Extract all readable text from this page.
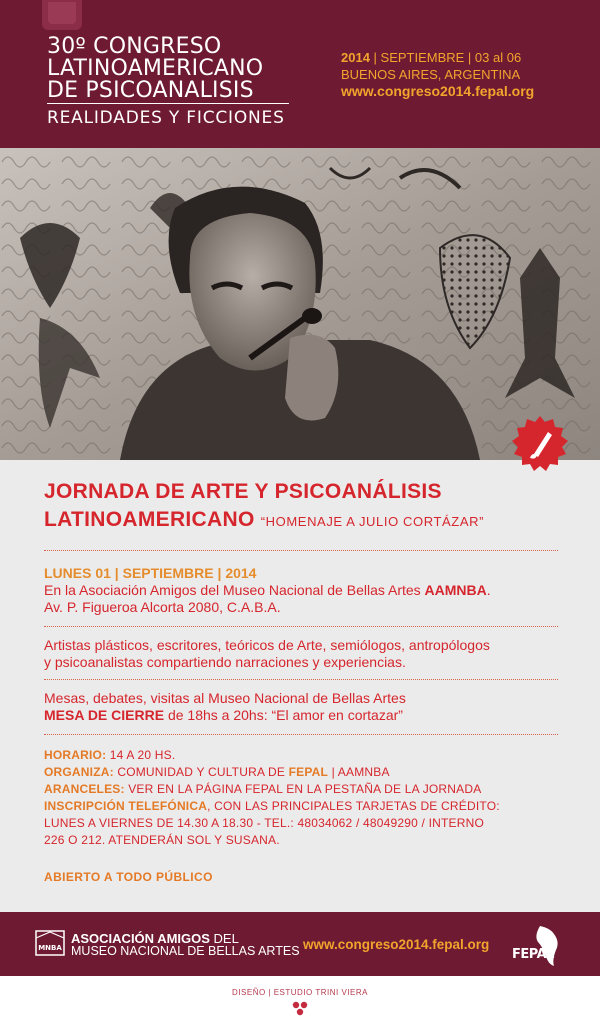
30º CONGRESO
LATINOAMERICANO
DE PSICOANALISIS
REALIDADES Y FICCIONES
2014 | SEPTIEMBRE | 03 al 06
BUENOS AIRES, ARGENTINA
www.congreso2014.fepal.org
JORNADA DE ARTE Y PSICOANÁLISIS
LATINOAMERICANO “HOMENAJE A JULIO CORTÁZAR”
LUNES 01 | SEPTIEMBRE | 2014
En la Asociación Amigos del Museo Nacional de Bellas Artes AAMNBA.
Av. P. Figueroa Alcorta 2080, C.A.B.A.
Artistas plásticos, escritores, teóricos de Arte, semiólogos, antropólogos
y psicoanalistas compartiendo narraciones y experiencias.
Mesas, debates, visitas al Museo Nacional de Bellas Artes
MESA DE CIERRE de 18hs a 20hs: “El amor en cortazar”
HORARIO: 14 A 20 HS.
ORGANIZA: COMUNIDAD Y CULTURA DE FEPAL | AAMNBA
ARANCELES: VER EN LA PÁGINA FEPAL EN LA PESTAÑA DE LA JORNADA
INSCRIPCIÓN TELEFÓNICA, CON LAS PRINCIPALES TARJETAS DE CRÉDITO:
LUNES A VIERNES DE 14.30 A 18.30 - TEL.: 48034062 / 48049290 / INTERNO
226 O 212. ATENDERÁN SOL Y SUSANA.
ABIERTO A TODO PÚBLICO
MNBA
ASOCIACIÓN AMIGOS DEL
MUSEO NACIONAL DE BELLAS ARTES www.congreso2014.fepal.org
FEPAL
DISEÑO | ESTUDIO TRINI VIERA
